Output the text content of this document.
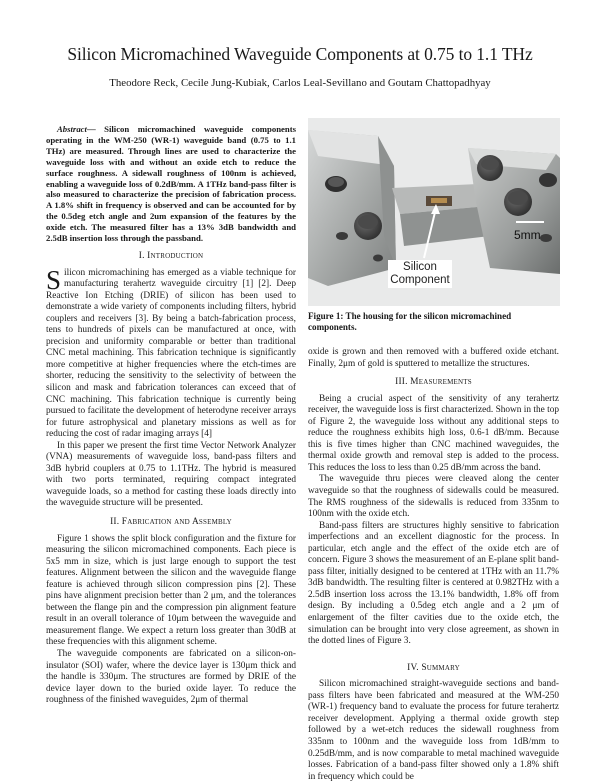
Silicon Micromachined Waveguide Components at 0.75 to 1.1 THz
Theodore Reck, Cecile Jung-Kubiak, Carlos Leal-Sevillano and Goutam Chattopadhyay

Abstract— Silicon micromachined waveguide components operating in the WM-250 (WR-1) waveguide band (0.75 to 1.1 THz) are measured. Through lines are used to characterize the waveguide loss with and without an oxide etch to reduce the surface roughness. A sidewall roughness of 100nm is achieved, enabling a waveguide loss of 0.2dB/mm. A 1THz band-pass filter is also measured to characterize the precision of fabrication process. A 1.8% shift in frequency is observed and can be accounted for by the 0.5deg etch angle and 2um expansion of the features by the oxide etch. The measured filter has a 13% 3dB bandwidth and 2.5dB insertion loss through the passband.

I. Introduction

Silicon micromachining has emerged as a viable technique for manufacturing terahertz waveguide circuitry [1] [2]. Deep Reactive Ion Etching (DRIE) of silicon has been used to demonstrate a wide variety of components including filters, hybrid couplers and receivers [3]. By being a batch-fabrication process, tens to hundreds of pixels can be manufactured at once, with precision and uniformity comparable or better than traditional CNC metal machining. This fabrication technique is significantly more competitive at higher frequencies where the etch-times are shorter, reducing the sensitivity to the selectivity of between the silicon and mask and fabrication tolerances can exceed that of CNC machining. This fabrication technique is currently being pursued to facilitate the development of heterodyne receiver arrays for future astrophysical and planetary missions as well as for reducing the cost of radar imaging arrays [4]

In this paper we present the first time Vector Network Analyzer (VNA) measurements of waveguide loss, band-pass filters and 3dB hybrid couplers at 0.75 to 1.1THz. The hybrid is measured with two ports terminated, requiring compact integrated waveguide loads, so a method for casting these loads directly into the waveguide structure will be presented.

II. Fabrication and Assembly

Figure 1 shows the split block configuration and the fixture for measuring the silicon micromachined components. Each piece is 5x5 mm in size, which is just large enough to support the test features. Alignment between the silicon and the waveguide flange feature is achieved through silicon compression pins [2]. These pins have alignment precision better than 2 μm, and the tolerances between the flange pin and the compression pin alignment feature result in an overall tolerance of 10μm between the waveguide and measurement flange. We expect a return loss greater than 30dB at these frequencies with this alignment scheme.

The waveguide components are fabricated on a silicon-on-insulator (SOI) wafer, where the device layer is 130μm thick and the handle is 330μm. The structures are formed by DRIE of the device layer down to the buried oxide layer. To reduce the roughness of the finished waveguides, 2μm of thermal

5mm
Silicon
Component
Figure 1: The housing for the silicon micromachined components.

oxide is grown and then removed with a buffered oxide etchant. Finally, 2μm of gold is sputtered to metallize the structures.

III. Measurements

Being a crucial aspect of the sensitivity of any terahertz receiver, the waveguide loss is first characterized. Shown in the top of Figure 2, the waveguide loss without any additional steps to reduce the roughness exhibits high loss, 0.6-1 dB/mm. Because this is five times higher than CNC machined waveguides, the thermal oxide growth and removal step is added to the process. This reduces the loss to less than 0.25 dB/mm across the band.

The waveguide thru pieces were cleaved along the center waveguide so that the roughness of sidewalls could be measured. The RMS roughness of the sidewalls is reduced from 335nm to 100nm with the oxide etch.

Band-pass filters are structures highly sensitive to fabrication imperfections and an excellent diagnostic for the process. In particular, etch angle and the effect of the oxide etch are of concern. Figure 3 shows the measurement of an E-plane split band-pass filter, initially designed to be centered at 1THz with an 11.7% 3dB bandwidth. The resulting filter is centered at 0.982THz with a 2.5dB insertion loss across the 13.1% bandwidth, 1.8% off from design. By including a 0.5deg etch angle and a 2 μm of enlargement of the filter cavities due to the oxide etch, the simulation can be brought into very close agreement, as shown in the dotted lines of Figure 3.

IV. Summary

Silicon micromachined straight-waveguide sections and band-pass filters have been fabricated and measured at the WM-250 (WR-1) frequency band to evaluate the process for future terahertz receiver development. Applying a thermal oxide growth step followed by a wet-etch reduces the sidewall roughness from 335nm to 100nm and the waveguide loss from 1dB/mm to 0.25dB/mm, and is now comparable to metal machined waveguide losses. Fabrication of a band-pass filter showed only a 1.8% shift in frequency which could be
